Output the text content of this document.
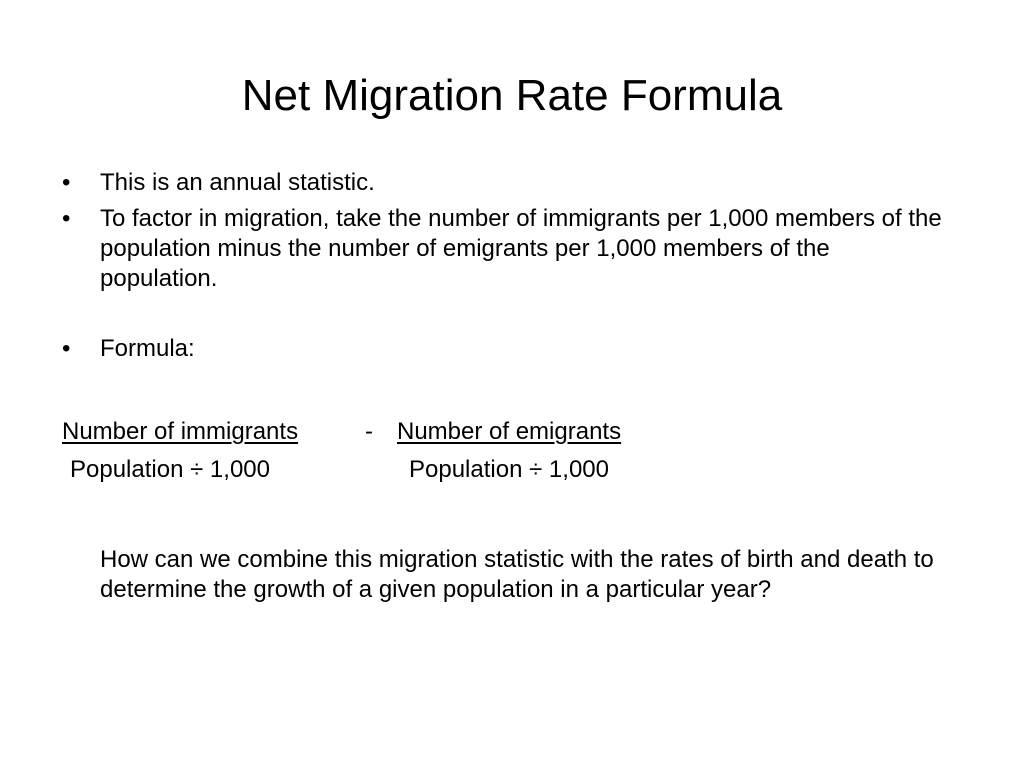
Net Migration Rate Formula
•	This is an annual statistic.
•	To factor in migration, take the number of immigrants per 1,000 members of the population minus the number of emigrants per 1,000 members of the population.
•	Formula:
Number of immigrants	- Number of emigrants
Population ÷ 1,000	Population ÷ 1,000
How can we combine this migration statistic with the rates of birth and death to determine the growth of a given population in a particular year?
